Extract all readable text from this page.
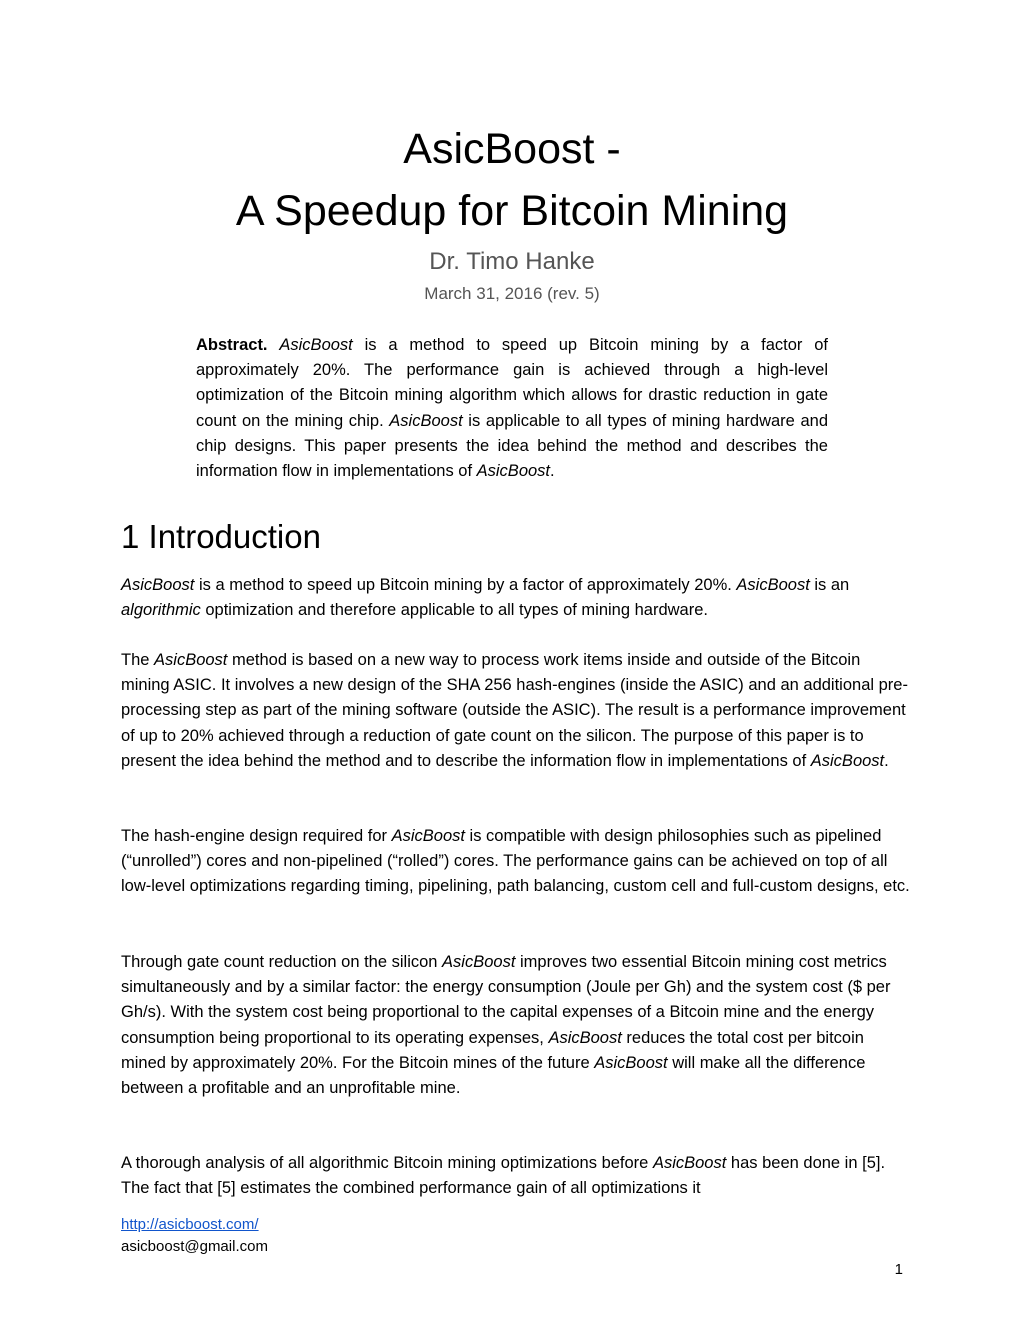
AsicBoost -
A Speedup for Bitcoin Mining
Dr. Timo Hanke
March 31, 2016 (rev. 5)
Abstract. AsicBoost is a method to speed up Bitcoin mining by a factor of approximately 20%. The performance gain is achieved through a high-level optimization of the Bitcoin mining algorithm which allows for drastic reduction in gate count on the mining chip. AsicBoost is applicable to all types of mining hardware and chip designs. This paper presents the idea behind the method and describes the information flow in implementations of AsicBoost.
1 Introduction
AsicBoost is a method to speed up Bitcoin mining by a factor of approximately 20%. AsicBoost is an algorithmic optimization and therefore applicable to all types of mining hardware.
The AsicBoost method is based on a new way to process work items inside and outside of the Bitcoin mining ASIC. It involves a new design of the SHA 256 hash-engines (inside the ASIC) and an additional pre-processing step as part of the mining software (outside the ASIC). The result is a performance improvement of up to 20% achieved through a reduction of gate count on the silicon. The purpose of this paper is to present the idea behind the method and to describe the information flow in implementations of AsicBoost.
The hash-engine design required for AsicBoost is compatible with design philosophies such as pipelined (“unrolled”) cores and non-pipelined (“rolled”) cores. The performance gains can be achieved on top of all low-level optimizations regarding timing, pipelining, path balancing, custom cell and full-custom designs, etc.
Through gate count reduction on the silicon AsicBoost improves two essential Bitcoin mining cost metrics simultaneously and by a similar factor: the energy consumption (Joule per Gh) and the system cost ($ per Gh/s). With the system cost being proportional to the capital expenses of a Bitcoin mine and the energy consumption being proportional to its operating expenses, AsicBoost reduces the total cost per bitcoin mined by approximately 20%. For the Bitcoin mines of the future AsicBoost will make all the difference between a profitable and an unprofitable mine.
A thorough analysis of all algorithmic Bitcoin mining optimizations before AsicBoost has been done in [5]. The fact that [5] estimates the combined performance gain of all optimizations it
http://asicboost.com/
asicboost@gmail.com
1
